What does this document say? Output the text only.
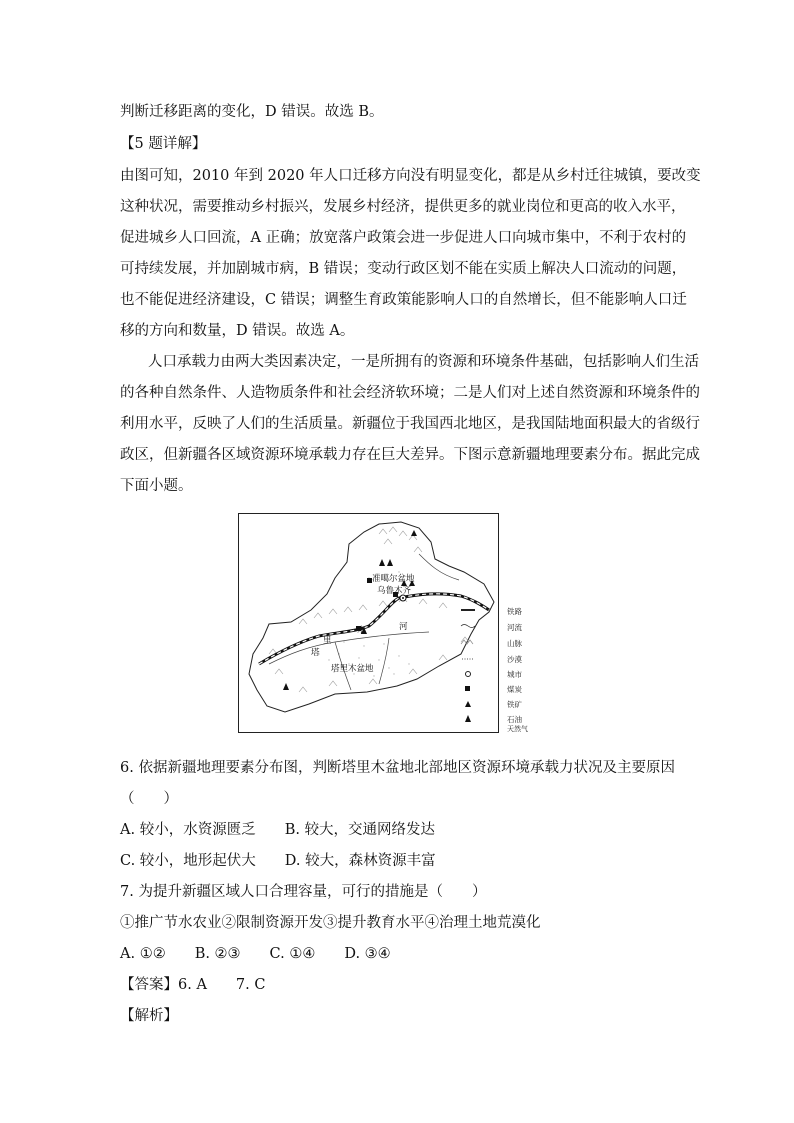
判断迁移距离的变化，D 错误。故选 B。
【5 题详解】
由图可知，2010 年到 2020 年人口迁移方向没有明显变化，都是从乡村迁往城镇，要改变
这种状况，需要推动乡村振兴，发展乡村经济，提供更多的就业岗位和更高的收入水平，
促进城乡人口回流，A 正确；放宽落户政策会进一步促进人口向城市集中，不利于农村的
可持续发展，并加剧城市病，B 错误；变动行政区划不能在实质上解决人口流动的问题，
也不能促进经济建设，C 错误；调整生育政策能影响人口的自然增长，但不能影响人口迁
移的方向和数量，D 错误。故选 A。
人口承载力由两大类因素决定，一是所拥有的资源和环境条件基础，包括影响人们生活
的各种自然条件、人造物质条件和社会经济软环境；二是人们对上述自然资源和环境条件的
利用水平，反映了人们的生活质量。新疆位于我国西北地区，是我国陆地面积最大的省级行
政区，但新疆各区域资源环境承载力存在巨大差异。下图示意新疆地理要素分布。据此完成
下面小题。
准噶尔盆地
乌鲁木齐
塔
里
木	河
塔里木盆地
铁路
河流
山脉
沙漠
城市
煤炭
铁矿
石油
天然气
6. 依据新疆地理要素分布图，判断塔里木盆地北部地区资源环境承载力状况及主要原因
（　　）
A. 较小，水资源匮乏　　B. 较大，交通网络发达
C. 较小，地形起伏大　　D. 较大，森林资源丰富
7. 为提升新疆区域人口合理容量，可行的措施是（　　）
①推广节水农业②限制资源开发③提升教育水平④治理土地荒漠化
A. ①②　　B. ②③　　C. ①④　　D. ③④
【答案】6. A　　7. C
【解析】
